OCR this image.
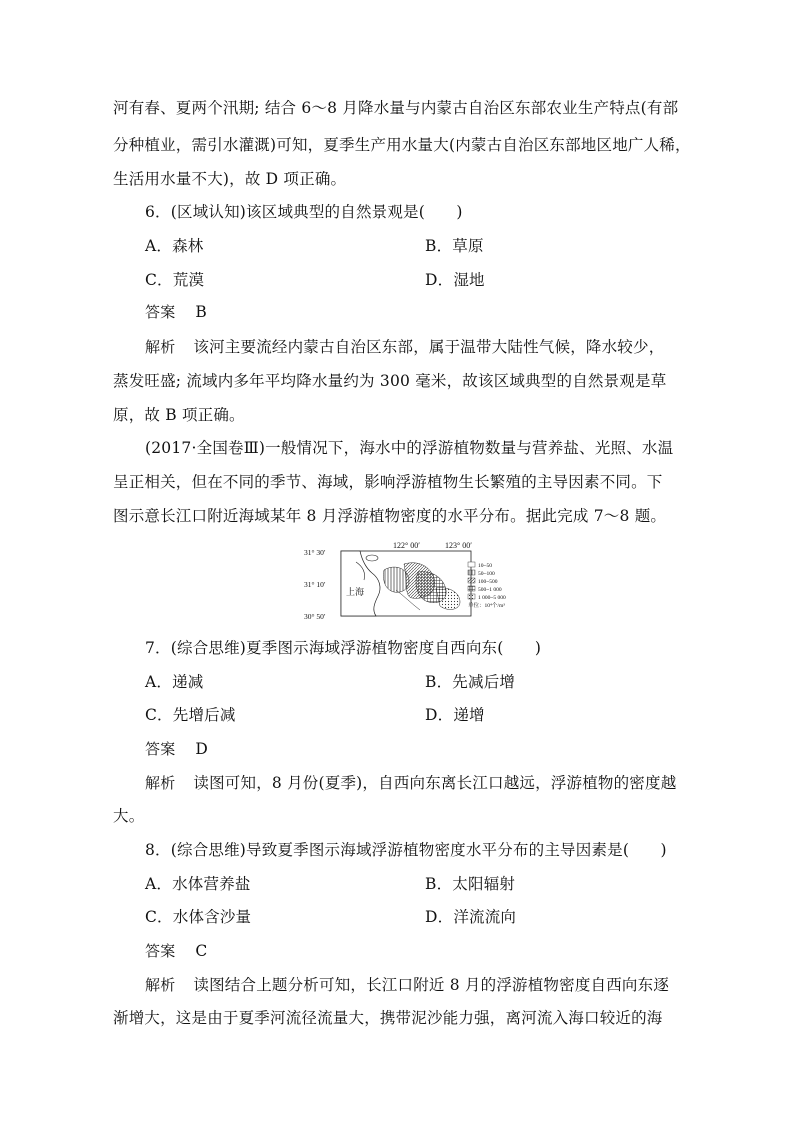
河有春、夏两个汛期; 结合 6～8 月降水量与内蒙古自治区东部农业生产特点(有部
分种植业，需引水灌溉)可知，夏季生产用水量大(内蒙古自治区东部地区地广人稀，
生活用水量不大)，故 D 项正确。
6．(区域认知)该区域典型的自然景观是(　　)
A．森林	B．草原
C．荒漠	D．湿地
答案 B
解析 该河主要流经内蒙古自治区东部，属于温带大陆性气候，降水较少，
蒸发旺盛; 流域内多年平均降水量约为 300 毫米，故该区域典型的自然景观是草
原，故 B 项正确。
(2017·全国卷Ⅲ)一般情况下，海水中的浮游植物数量与营养盐、光照、水温
呈正相关，但在不同的季节、海域，影响浮游植物生长繁殖的主导因素不同。下
图示意长江口附近海域某年 8 月浮游植物密度的水平分布。据此完成 7～8 题。
122° 00′	123° 00′
31° 30′
31° 10′
30° 50′
上海
10~50
50~100
100~500
500~1 000
1 000~5 000
单位：10⁴个/m³
7．(综合思维)夏季图示海域浮游植物密度自西向东(　　)
A．递减	B．先减后增
C．先增后减	D．递增
答案 D
解析 读图可知，8 月份(夏季)，自西向东离长江口越远，浮游植物的密度越
大。
8．(综合思维)导致夏季图示海域浮游植物密度水平分布的主导因素是(　　)
A．水体营养盐	B．太阳辐射
C．水体含沙量	D．洋流流向
答案 C
解析 读图结合上题分析可知，长江口附近 8 月的浮游植物密度自西向东逐
渐增大，这是由于夏季河流径流量大，携带泥沙能力强，离河流入海口较近的海
